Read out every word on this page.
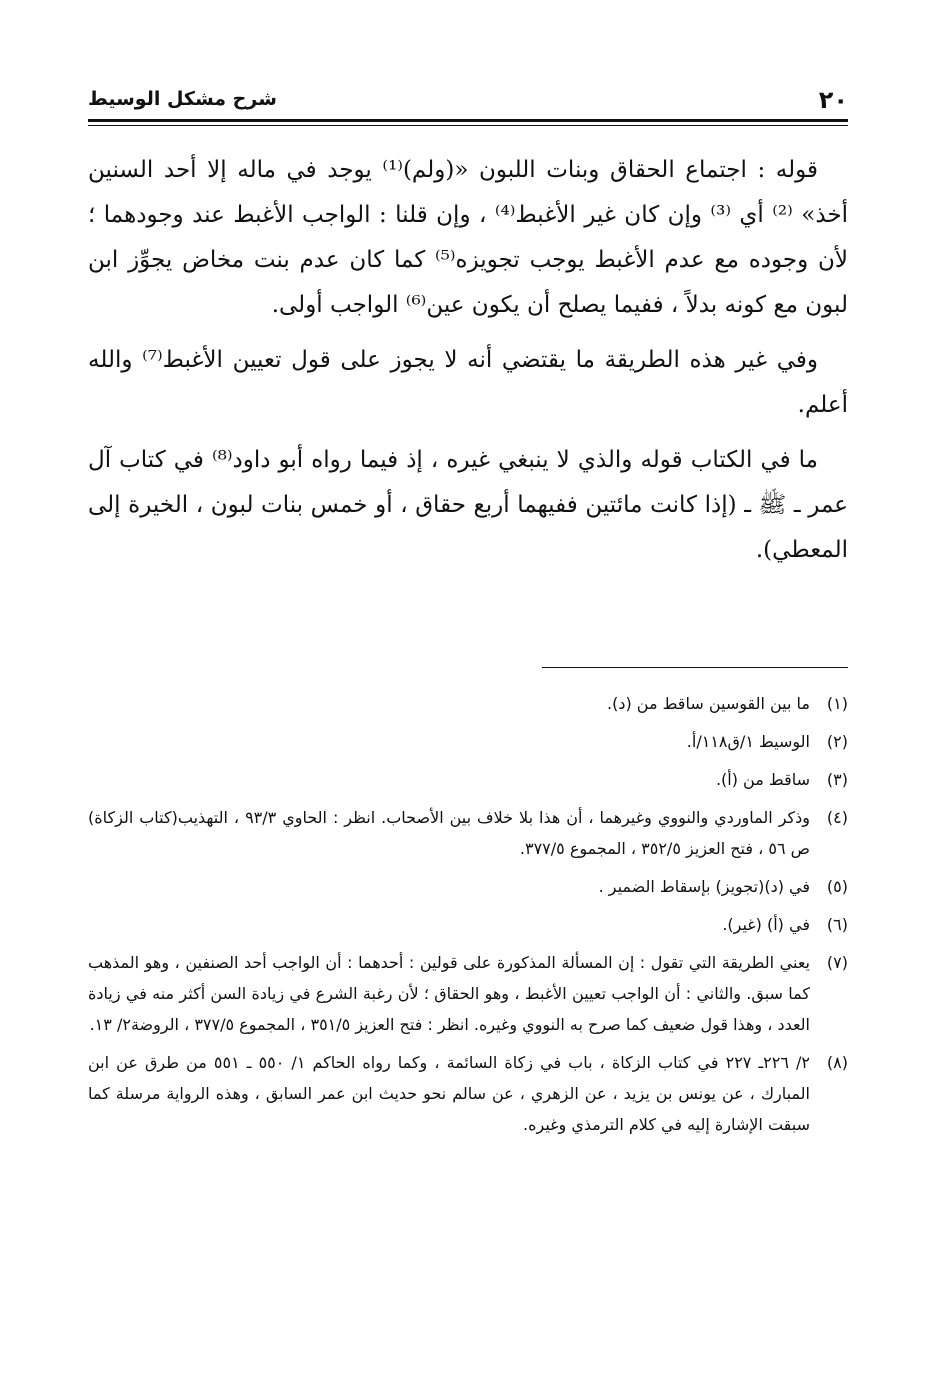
٢٠
شرح مشكل الوسيط

قوله : اجتماع الحقاق وبنات اللبون «(ولم)⁽¹⁾ يوجد في ماله إلا أحد السنين أخذ» ⁽²⁾ أي ⁽³⁾ وإن كان غير الأغبط⁽⁴⁾ ، وإن قلنا : الواجب الأغبط عند وجودهما ؛ لأن وجوده مع عدم الأغبط يوجب تجويزه⁽⁵⁾ كما كان عدم بنت مخاض يجوِّز ابن لبون مع كونه بدلاً ، ففيما يصلح أن يكون عين⁽⁶⁾ الواجب أولى.

وفي غير هذه الطريقة ما يقتضي أنه لا يجوز على قول تعيين الأغبط⁽⁷⁾ والله أعلم.

ما في الكتاب قوله والذي لا ينبغي غيره ، إذ فيما رواه أبو داود⁽⁸⁾ في كتاب آل عمر ـ ﷺ ـ (إذا كانت مائتين ففيهما أربع حقاق ، أو خمس بنات لبون ، الخيرة إلى المعطي).

(١)ما بين القوسين ساقط من (د).
(٢)الوسيط ١/ق١١٨/أ.
(٣)ساقط من (أ).
(٤)وذكر الماوردي والنووي وغيرهما ، أن هذا بلا خلاف بين الأصحاب. انظر : الحاوي ٩٣/٣ ، التهذيب(كتاب الزكاة) ص ٥٦ ، فتح العزيز ٣٥٢/٥ ، المجموع ٣٧٧/٥.
(٥)في (د)(تجويز) بإسقاط الضمير .
(٦)في (أ) (غير).
(٧)يعني الطريقة التي تقول : إن المسألة المذكورة على قولين : أحدهما : أن الواجب أحد الصنفين ، وهو المذهب كما سبق. والثاني : أن الواجب تعيين الأغبط ، وهو الحقاق ؛ لأن رغبة الشرع في زيادة السن أكثر منه في زيادة العدد ، وهذا قول ضعيف كما صرح به النووي وغيره. انظر : فتح العزيز ٣٥١/٥ ، المجموع ٣٧٧/٥ ، الروضة٢/ ١٣.
(٨)٢/ ٢٢٦ـ ٢٢٧ في كتاب الزكاة ، باب في زكاة السائمة ، وكما رواه الحاكم ١/ ٥٥٠ ـ ٥٥١ من طرق عن ابن المبارك ، عن يونس بن يزيد ، عن الزهري ، عن سالم نحو حديث ابن عمر السابق ، وهذه الرواية مرسلة كما سبقت الإشارة إليه في كلام الترمذي وغيره.
